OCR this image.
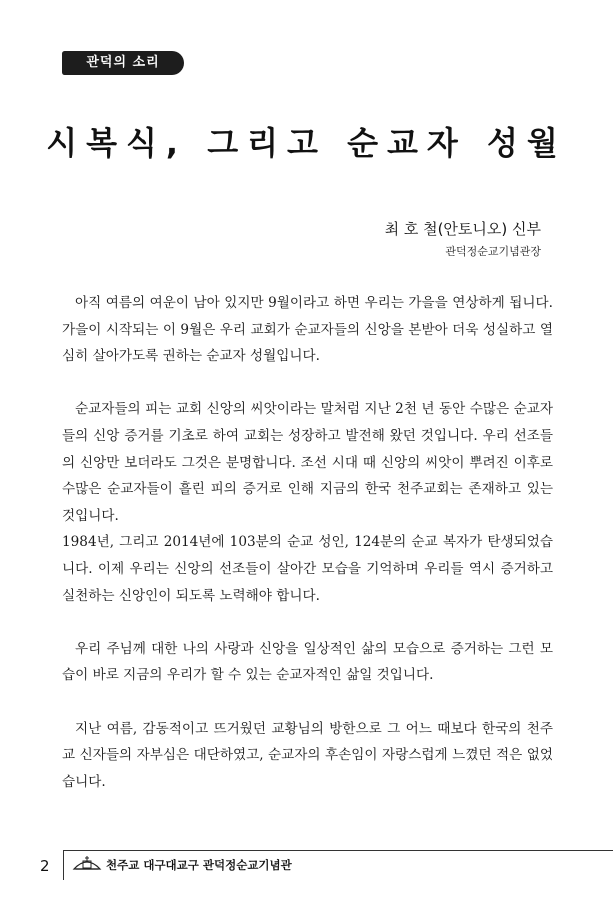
관덕의 소리
시복식, 그리고 순교자 성월
최 호 철(안토니오) 신부
관덕정순교기념관장

아직 여름의 여운이 남아 있지만 9월이라고 하면 우리는 가을을 연상하게 됩니다. 가을이 시작되는 이 9월은 우리 교회가 순교자들의 신앙을 본받아 더욱 성실하고 열심히 살아가도록 권하는 순교자 성월입니다.

순교자들의 피는 교회 신앙의 씨앗이라는 말처럼 지난 2천 년 동안 수많은 순교자들의 신앙 증거를 기초로 하여 교회는 성장하고 발전해 왔던 것입니다. 우리 선조들의 신앙만 보더라도 그것은 분명합니다. 조선 시대 때 신앙의 씨앗이 뿌려진 이후로 수많은 순교자들이 흘린 피의 증거로 인해 지금의 한국 천주교회는 존재하고 있는 것입니다.

1984년, 그리고 2014년에 103분의 순교 성인, 124분의 순교 복자가 탄생되었습니다. 이제 우리는 신앙의 선조들이 살아간 모습을 기억하며 우리들 역시 증거하고 실천하는 신앙인이 되도록 노력해야 합니다.

우리 주님께 대한 나의 사랑과 신앙을 일상적인 삶의 모습으로 증거하는 그런 모습이 바로 지금의 우리가 할 수 있는 순교자적인 삶일 것입니다.

지난 여름, 감동적이고 뜨거웠던 교황님의 방한으로 그 어느 때보다 한국의 천주교 신자들의 자부심은 대단하였고, 순교자의 후손임이 자랑스럽게 느꼈던 적은 없었습니다.

2	천주교 대구대교구 관덕정순교기념관
